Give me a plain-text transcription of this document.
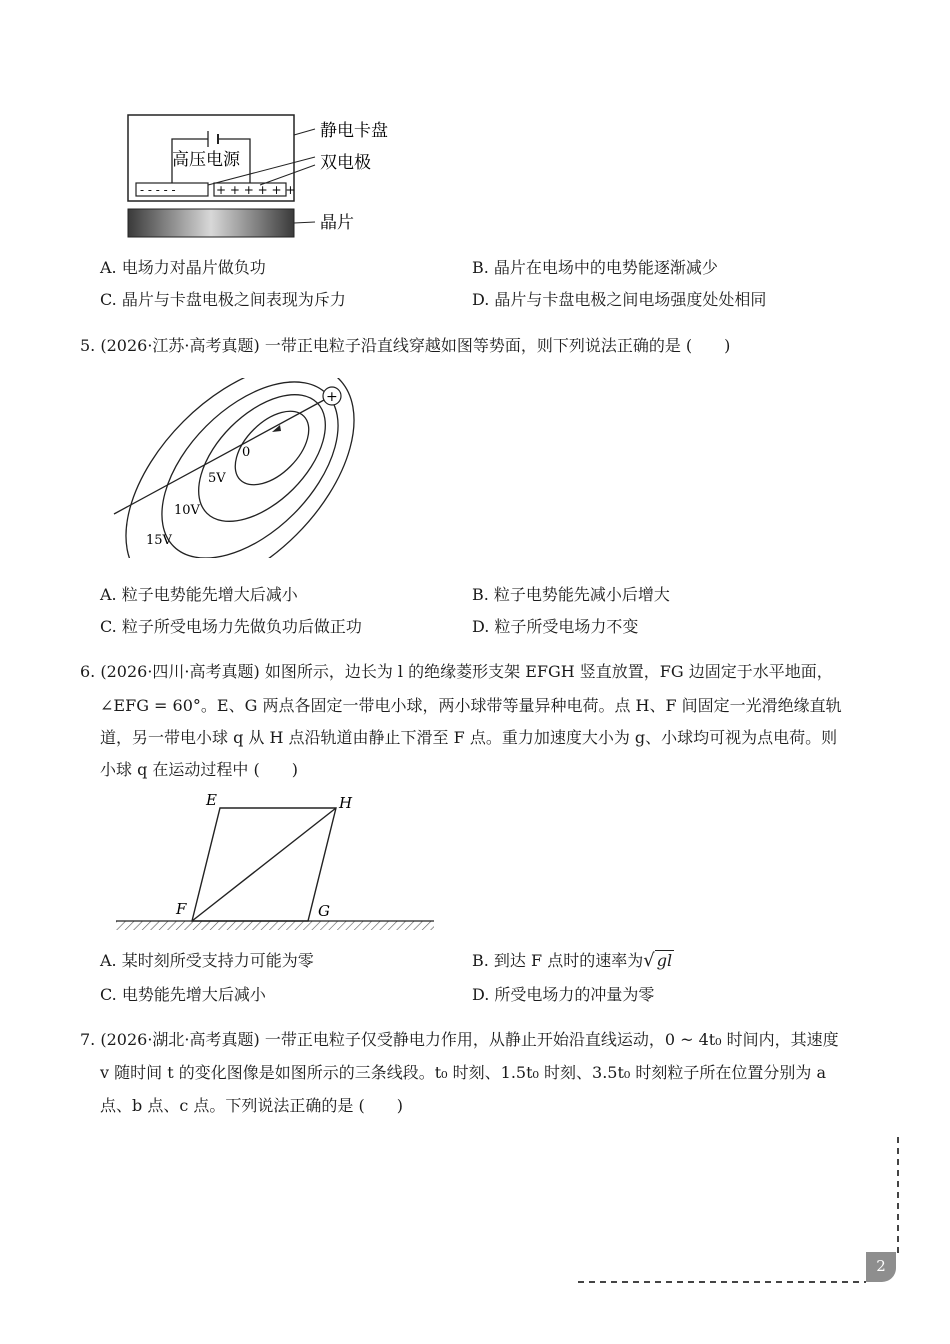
- - - - -	+ + + + + +
高压电源
静电卡盘
双电极
晶片
A. 电场力对晶片做负功	B. 晶片在电场中的电势能逐渐减少
C. 晶片与卡盘电极之间表现为斥力	D. 晶片与卡盘电极之间电场强度处处相同
5. (2026·江苏·高考真题) 一带正电粒子沿直线穿越如图等势面，则下列说法正确的是 (　　)
+
0
5V
10V
15V
A. 粒子电势能先增大后减小	B. 粒子电势能先减小后增大
C. 粒子所受电场力先做负功后做正功	D. 粒子所受电场力不变
6. (2026·四川·高考真题) 如图所示，边长为 l 的绝缘菱形支架 EFGH 竖直放置，FG 边固定于水平地面，
∠EFG = 60°。E、G 两点各固定一带电小球，两小球带等量异种电荷。点 H、F 间固定一光滑绝缘直轨
道，另一带电小球 q 从 H 点沿轨道由静止下滑至 F 点。重力加速度大小为 g、小球均可视为点电荷。则
小球 q 在运动过程中 (　　)
E	H
F	G
A. 某时刻所受支持力可能为零	B. 到达 F 点时的速率为√ gl
C. 电势能先增大后减小	D. 所受电场力的冲量为零
7. (2026·湖北·高考真题) 一带正电粒子仅受静电力作用，从静止开始沿直线运动，0 ~ 4t₀ 时间内，其速度
v 随时间 t 的变化图像是如图所示的三条线段。t₀ 时刻、1.5t₀ 时刻、3.5t₀ 时刻粒子所在位置分别为 a
点、b 点、c 点。下列说法正确的是 (　　)
2
